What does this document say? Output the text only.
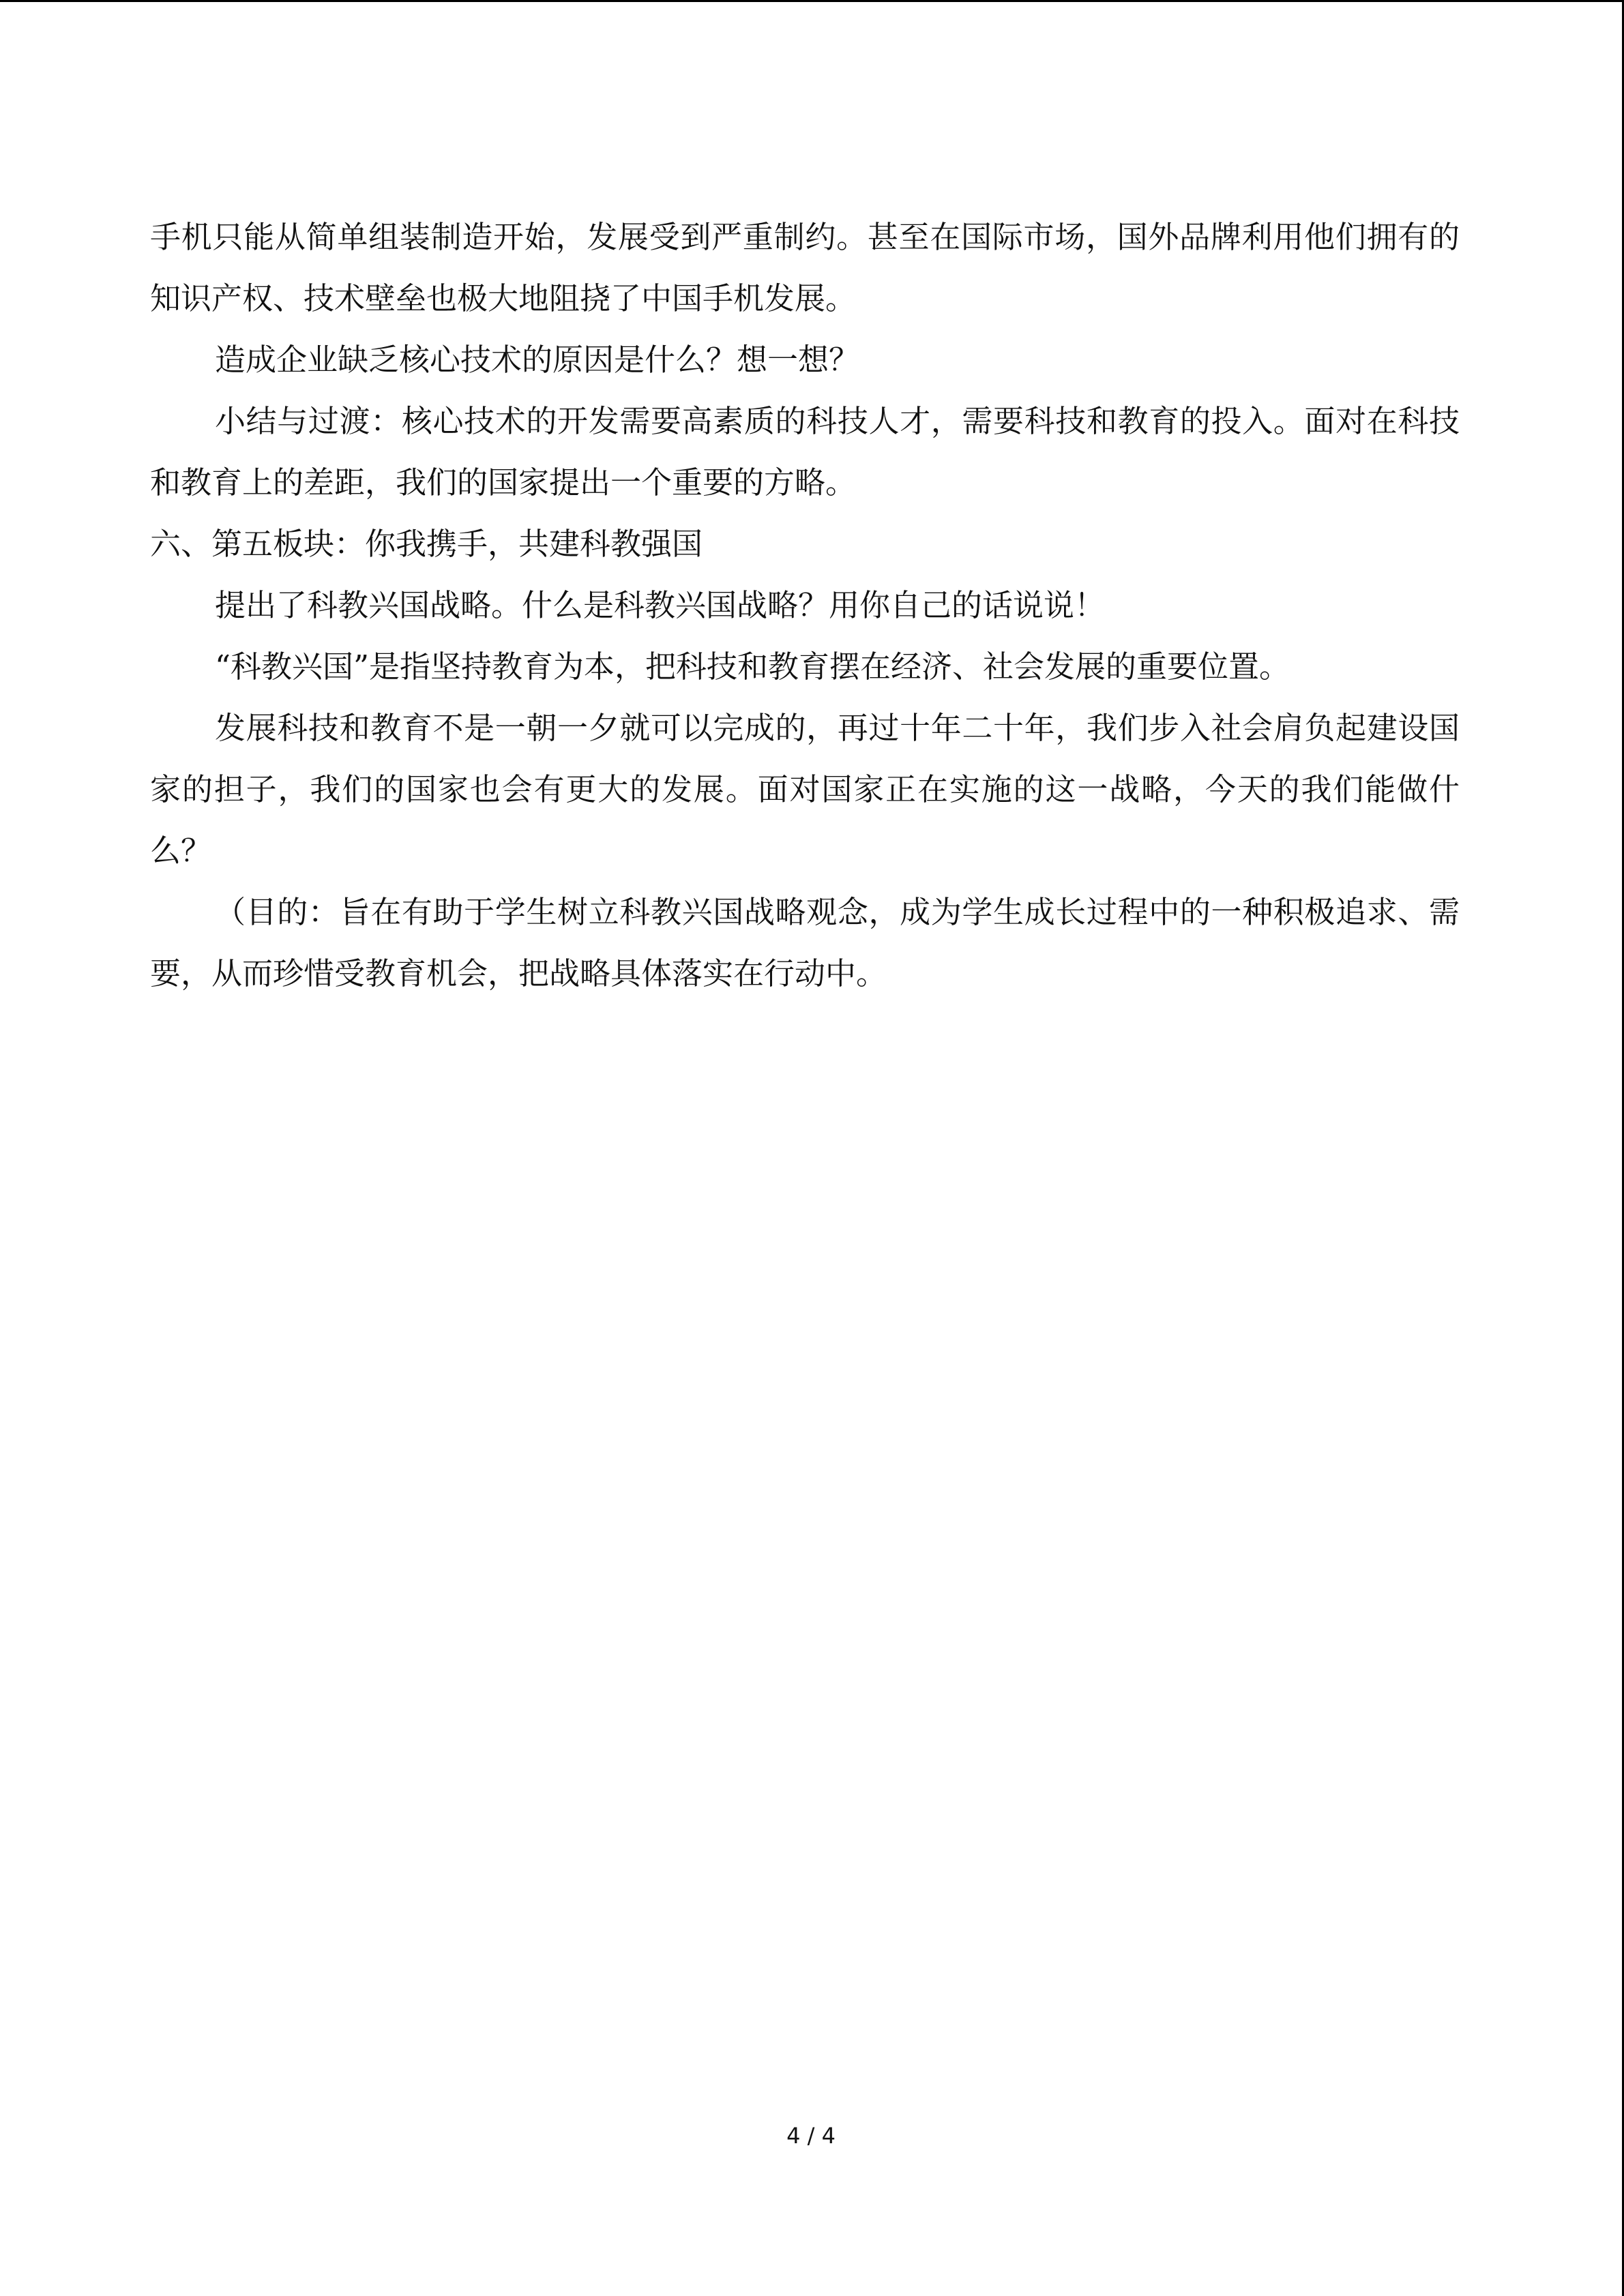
手机只能从简单组装制造开始，发展受到严重制约。甚至在国际市场，国外品牌利用他们拥有的知识产权、技术壁垒也极大地阻挠了中国手机发展。

造成企业缺乏核心技术的原因是什么？想一想？

小结与过渡：核心技术的开发需要高素质的科技人才，需要科技和教育的投入。面对在科技和教育上的差距，我们的国家提出一个重要的方略。

六、第五板块：你我携手，共建科教强国

提出了科教兴国战略。什么是科教兴国战略？用你自己的话说说！

“科教兴国”是指坚持教育为本，把科技和教育摆在经济、社会发展的重要位置。

发展科技和教育不是一朝一夕就可以完成的，再过十年二十年，我们步入社会肩负起建设国家的担子，我们的国家也会有更大的发展。面对国家正在实施的这一战略，今天的我们能做什么？

（目的：旨在有助于学生树立科教兴国战略观念，成为学生成长过程中的一种积极追求、需要，从而珍惜受教育机会，把战略具体落实在行动中。

4 / 4
